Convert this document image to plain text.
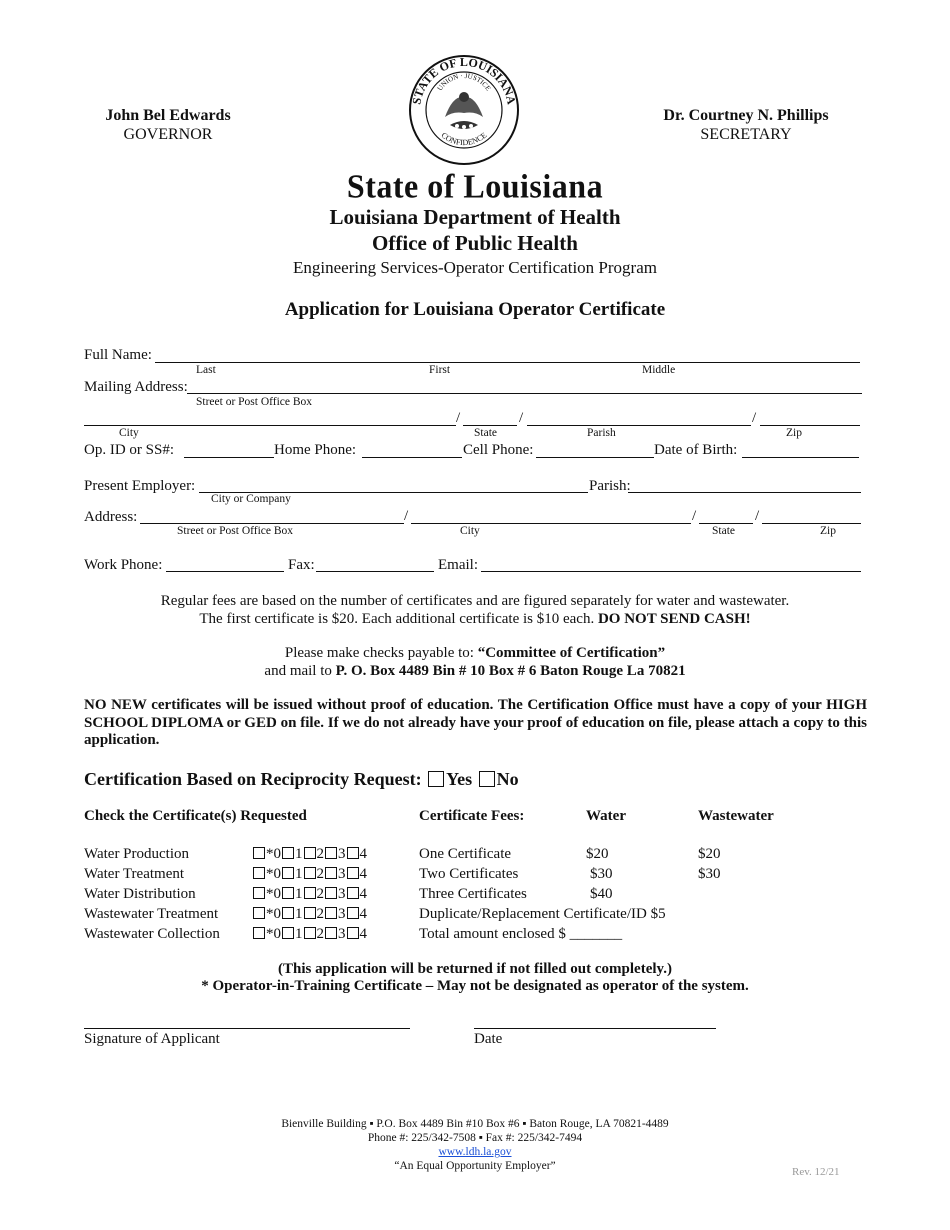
John Bel Edwards
GOVERNOR
STATE OF LOUISIANA
UNION · JUSTICE
CONFIDENCE
Dr. Courtney N. Phillips
SECRETARY
State of Louisiana
Louisiana Department of Health
Office of Public Health
Engineering Services-Operator Certification Program
Application for Louisiana Operator Certificate
Full Name:
Last	First	Middle
Mailing Address:
Street or Post Office Box
/	/	/
City	State	Parish	Zip
Op. ID or SS#:	Home Phone:	Cell Phone:	Date of Birth:
Present Employer:	Parish:
City or Company
Address:	/	/	/
Street or Post Office Box	City	State	Zip
Work Phone:	Fax:	Email:
Regular fees are based on the number of certificates and are figured separately for water and wastewater.
The first certificate is $20. Each additional certificate is $10 each. DO NOT SEND CASH!
Please make checks payable to: “Committee of Certification”
and mail to P. O. Box 4489 Bin # 10 Box # 6 Baton Rouge La 70821
NO NEW certificates will be issued without proof of education. The Certification Office must have a copy of your HIGH SCHOOL DIPLOMA or GED on file. If we do not already have your proof of education on file, please attach a copy to this application.
Certification Based on Reciprocity Request: Yes No
Check the Certificate(s) Requested	Certificate Fees:	Water	Wastewater
Water Production	*0 1 2 3 4	One Certificate	$20	$20
Water Treatment	*0 1 2 3 4	Two Certificates	$30	$30
Water Distribution	*0 1 2 3 4	Three Certificates	$40
Wastewater Treatment	*0 1 2 3 4	Duplicate/Replacement Certificate/ID $5
Wastewater Collection	*0 1 2 3 4	Total amount enclosed $ _______
(This application will be returned if not filled out completely.)
* Operator-in-Training Certificate – May not be designated as operator of the system.
Signature of Applicant	Date
Bienville Building ▪ P.O. Box 4489 Bin #10 Box #6 ▪ Baton Rouge, LA 70821-4489
Phone #: 225/342-7508 ▪ Fax #: 225/342-7494
www.ldh.la.gov
“An Equal Opportunity Employer”	Rev. 12/21
